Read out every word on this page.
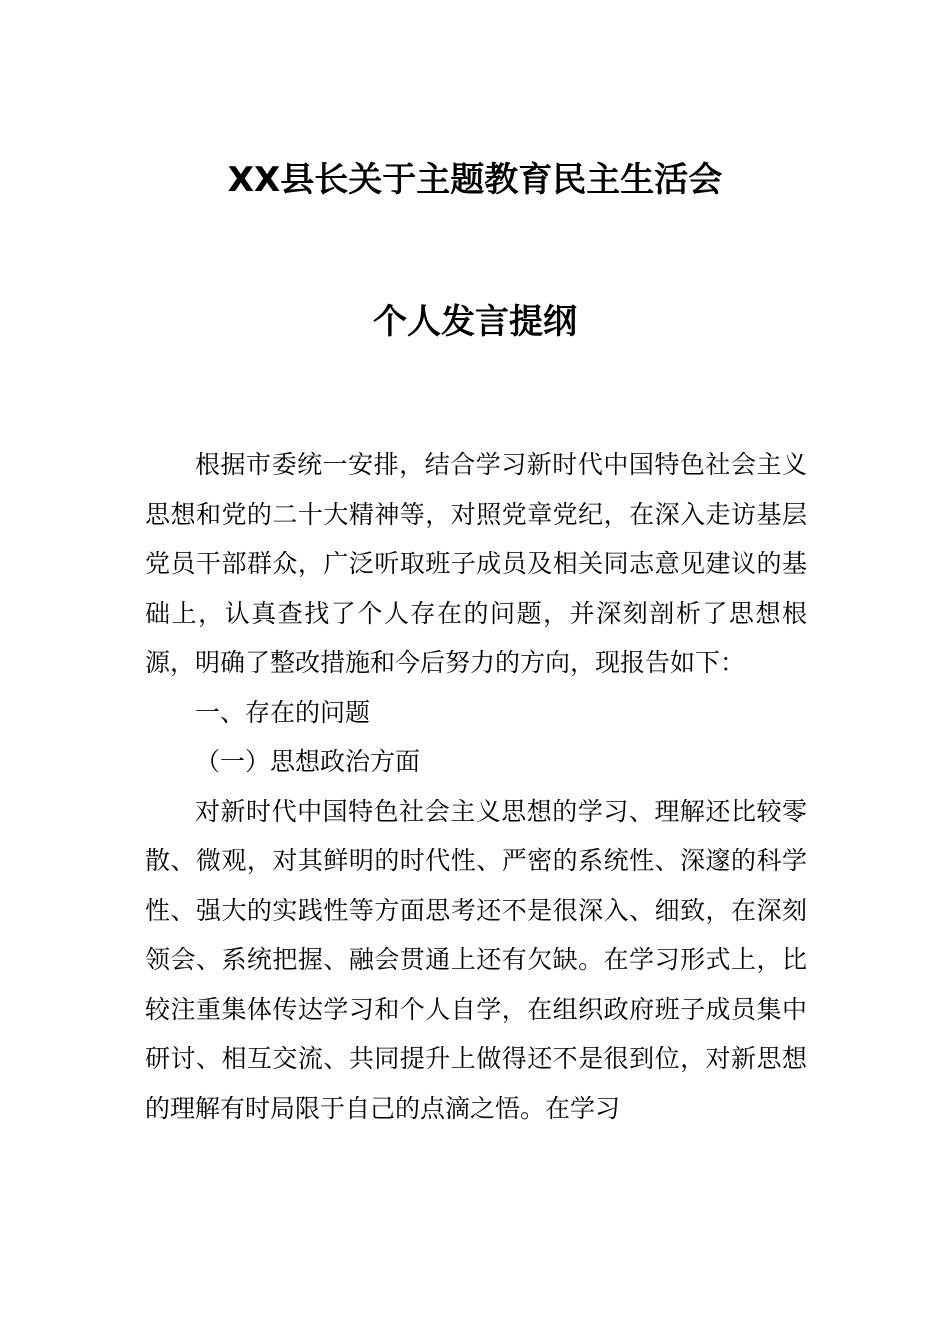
XX县长关于主题教育民主生活会
个人发言提纲

根据市委统一安排，结合学习新时代中国特色社会主义思想和党的二十大精神等，对照党章党纪，在深入走访基层党员干部群众，广泛听取班子成员及相关同志意见建议的基础上，认真查找了个人存在的问题，并深刻剖析了思想根源，明确了整改措施和今后努力的方向，现报告如下：

一、存在的问题

（一）思想政治方面

对新时代中国特色社会主义思想的学习、理解还比较零散、微观，对其鲜明的时代性、严密的系统性、深邃的科学性、强大的实践性等方面思考还不是很深入、细致，在深刻领会、系统把握、融会贯通上还有欠缺。在学习形式上，比较注重集体传达学习和个人自学，在组织政府班子成员集中研讨、相互交流、共同提升上做得还不是很到位，对新思想的理解有时局限于自己的点滴之悟。在学习
